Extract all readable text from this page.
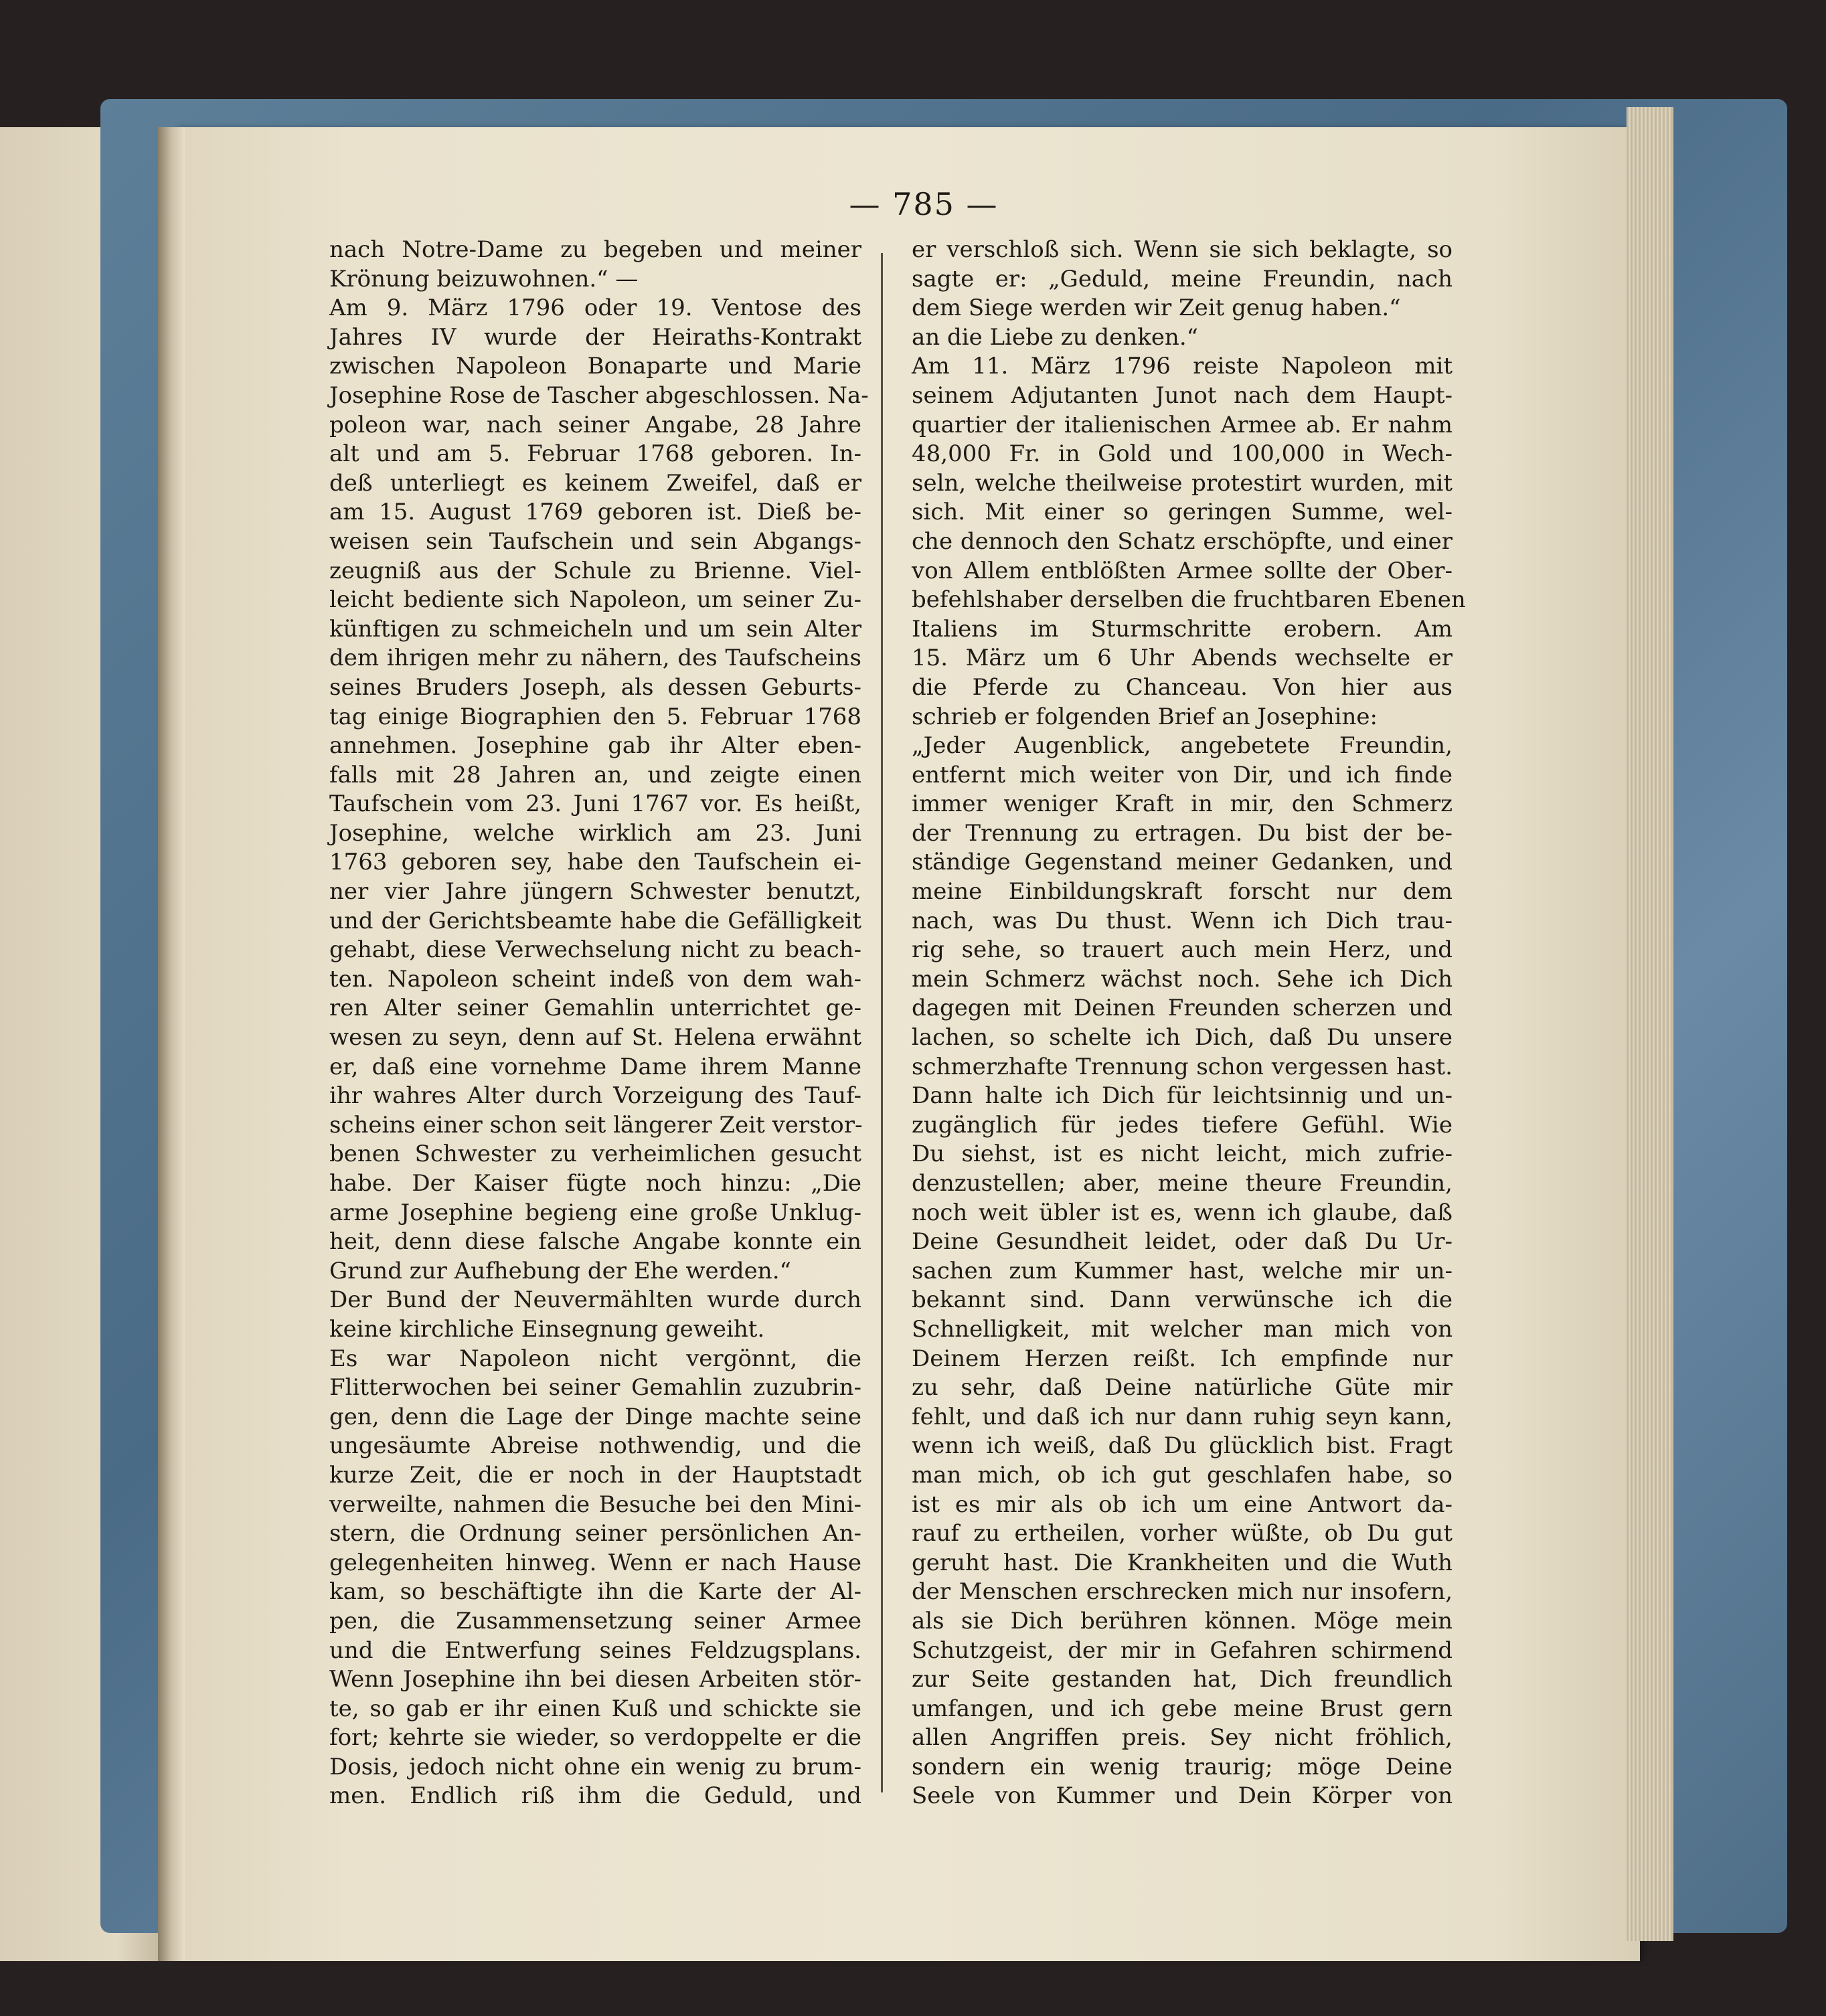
— 785 —
nach Notre-Dame zu begeben und meiner
Krönung beizuwohnen.“ —
Am 9. März 1796 oder 19. Ventose des
Jahres IV wurde der Heiraths-Kontrakt
zwischen Napoleon Bonaparte und Marie
Josephine Rose de Tascher abgeschlossen. Na-
poleon war, nach seiner Angabe, 28 Jahre
alt und am 5. Februar 1768 geboren. In-
deß unterliegt es keinem Zweifel, daß er
am 15. August 1769 geboren ist. Dieß be-
weisen sein Taufschein und sein Abgangs-
zeugniß aus der Schule zu Brienne. Viel-
leicht bediente sich Napoleon, um seiner Zu-
künftigen zu schmeicheln und um sein Alter
dem ihrigen mehr zu nähern, des Taufscheins
seines Bruders Joseph, als dessen Geburts-
tag einige Biographien den 5. Februar 1768
annehmen. Josephine gab ihr Alter eben-
falls mit 28 Jahren an, und zeigte einen
Taufschein vom 23. Juni 1767 vor. Es heißt,
Josephine, welche wirklich am 23. Juni
1763 geboren sey, habe den Taufschein ei-
ner vier Jahre jüngern Schwester benutzt,
und der Gerichtsbeamte habe die Gefälligkeit
gehabt, diese Verwechselung nicht zu beach-
ten. Napoleon scheint indeß von dem wah-
ren Alter seiner Gemahlin unterrichtet ge-
wesen zu seyn, denn auf St. Helena erwähnt
er, daß eine vornehme Dame ihrem Manne
ihr wahres Alter durch Vorzeigung des Tauf-
scheins einer schon seit längerer Zeit verstor-
benen Schwester zu verheimlichen gesucht
habe. Der Kaiser fügte noch hinzu: „Die
arme Josephine begieng eine große Unklug-
heit, denn diese falsche Angabe konnte ein
Grund zur Aufhebung der Ehe werden.“
Der Bund der Neuvermählten wurde durch
keine kirchliche Einsegnung geweiht.
Es war Napoleon nicht vergönnt, die
Flitterwochen bei seiner Gemahlin zuzubrin-
gen, denn die Lage der Dinge machte seine
ungesäumte Abreise nothwendig, und die
kurze Zeit, die er noch in der Hauptstadt
verweilte, nahmen die Besuche bei den Mini-
stern, die Ordnung seiner persönlichen An-
gelegenheiten hinweg. Wenn er nach Hause
kam, so beschäftigte ihn die Karte der Al-
pen, die Zusammensetzung seiner Armee
und die Entwerfung seines Feldzugsplans.
Wenn Josephine ihn bei diesen Arbeiten stör-
te, so gab er ihr einen Kuß und schickte sie
fort; kehrte sie wieder, so verdoppelte er die
Dosis, jedoch nicht ohne ein wenig zu brum-
men. Endlich riß ihm die Geduld, und
er verschloß sich. Wenn sie sich beklagte, so
sagte er: „Geduld, meine Freundin, nach
dem Siege werden wir Zeit genug haben.“
an die Liebe zu denken.“
Am 11. März 1796 reiste Napoleon mit
seinem Adjutanten Junot nach dem Haupt-
quartier der italienischen Armee ab. Er nahm
48,000 Fr. in Gold und 100,000 in Wech-
seln, welche theilweise protestirt wurden, mit
sich. Mit einer so geringen Summe, wel-
che dennoch den Schatz erschöpfte, und einer
von Allem entblößten Armee sollte der Ober-
befehlshaber derselben die fruchtbaren Ebenen
Italiens im Sturmschritte erobern. Am
15. März um 6 Uhr Abends wechselte er
die Pferde zu Chanceau. Von hier aus
schrieb er folgenden Brief an Josephine:
„Jeder Augenblick, angebetete Freundin,
entfernt mich weiter von Dir, und ich finde
immer weniger Kraft in mir, den Schmerz
der Trennung zu ertragen. Du bist der be-
ständige Gegenstand meiner Gedanken, und
meine Einbildungskraft forscht nur dem
nach, was Du thust. Wenn ich Dich trau-
rig sehe, so trauert auch mein Herz, und
mein Schmerz wächst noch. Sehe ich Dich
dagegen mit Deinen Freunden scherzen und
lachen, so schelte ich Dich, daß Du unsere
schmerzhafte Trennung schon vergessen hast.
Dann halte ich Dich für leichtsinnig und un-
zugänglich für jedes tiefere Gefühl. Wie
Du siehst, ist es nicht leicht, mich zufrie-
denzustellen; aber, meine theure Freundin,
noch weit übler ist es, wenn ich glaube, daß
Deine Gesundheit leidet, oder daß Du Ur-
sachen zum Kummer hast, welche mir un-
bekannt sind. Dann verwünsche ich die
Schnelligkeit, mit welcher man mich von
Deinem Herzen reißt. Ich empfinde nur
zu sehr, daß Deine natürliche Güte mir
fehlt, und daß ich nur dann ruhig seyn kann,
wenn ich weiß, daß Du glücklich bist. Fragt
man mich, ob ich gut geschlafen habe, so
ist es mir als ob ich um eine Antwort da-
rauf zu ertheilen, vorher wüßte, ob Du gut
geruht hast. Die Krankheiten und die Wuth
der Menschen erschrecken mich nur insofern,
als sie Dich berühren können. Möge mein
Schutzgeist, der mir in Gefahren schirmend
zur Seite gestanden hat, Dich freundlich
umfangen, und ich gebe meine Brust gern
allen Angriffen preis. Sey nicht fröhlich,
sondern ein wenig traurig; möge Deine
Seele von Kummer und Dein Körper von
